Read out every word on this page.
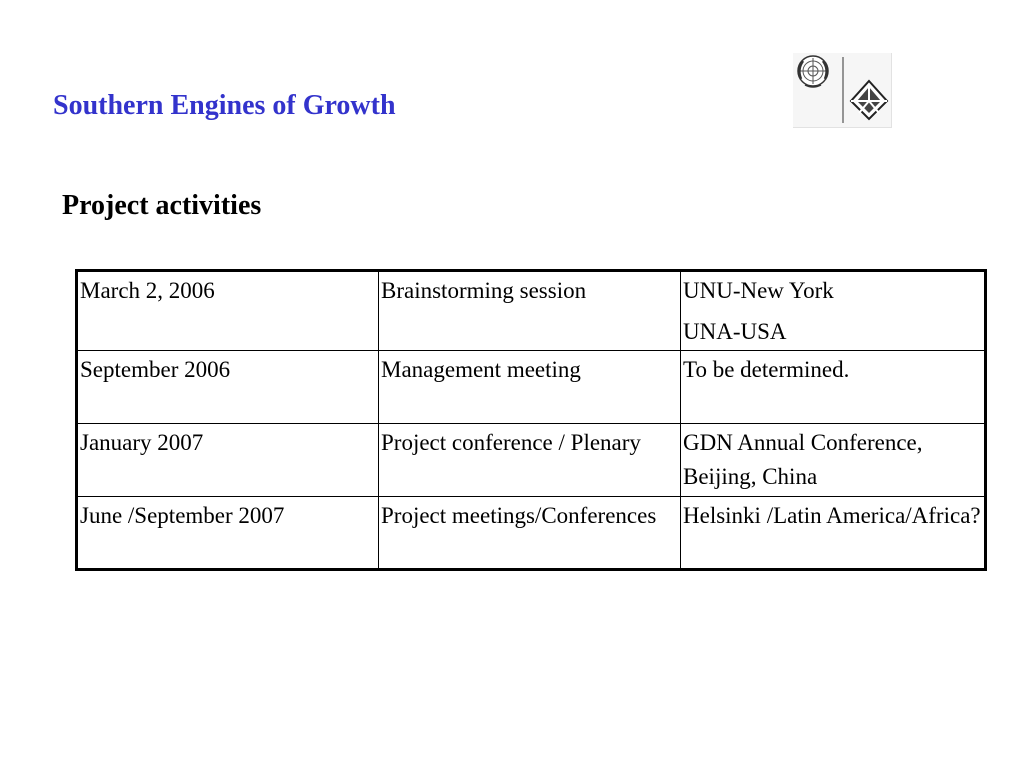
Southern Engines of Growth
Project activities
March 2, 2006	Brainstorming session	UNU-New York
UNA-USA

September 2006	Management meeting	To be determined.

January 2007	Project conference / Plenary	GDN Annual Conference, Beijing, China

June /September 2007	Project meetings/Conferences	Helsinki /Latin America/Africa?
